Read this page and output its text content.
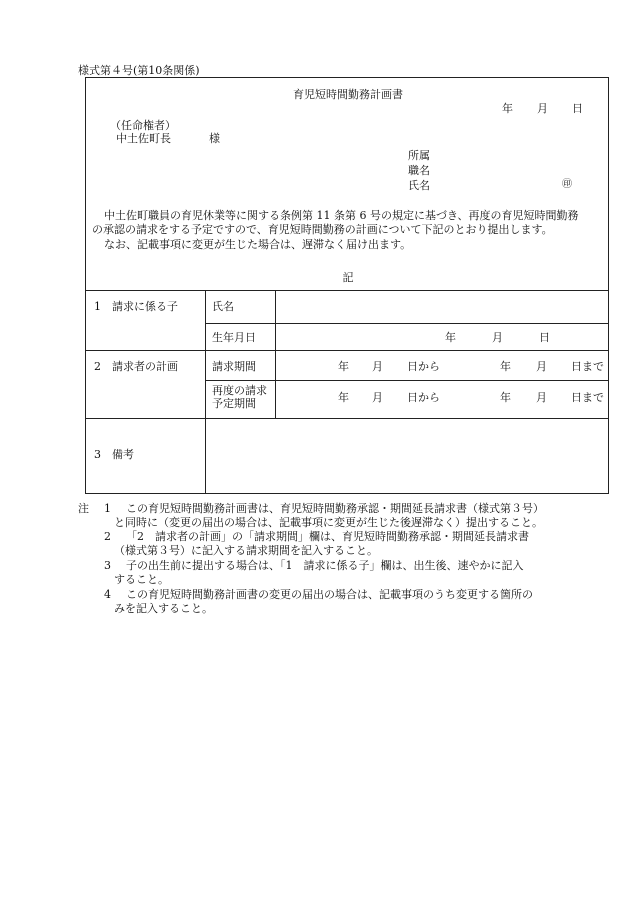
様式第４号(第10条関係)
育児短時間勤務計画書
年 月 日
（任命権者）
中土佐町長	様
所属
職名
氏名	㊞
中土佐町職員の育児休業等に関する条例第 11 条第 6 号の規定に基づき、再度の育児短時間勤務
の承認の請求をする予定ですので、育児短時間勤務の計画について下記のとおり提出します。
なお、記載事項に変更が生じた場合は、遅滞なく届け出ます。
記
1　請求に係る子	氏名
生年月日	年	月	日
2　請求者の計画	請求期間	年 月 日から	年 月 日まで
再度の請求
予定期間	年 月 日から	年 月 日まで
3　備考
注 1 この育児短時間勤務計画書は、育児短時間勤務承認・期間延長請求書（様式第３号）
と同時に（変更の届出の場合は、記載事項に変更が生じた後遅滞なく）提出すること。
2 「2　請求者の計画」の「請求期間」欄は、育児短時間勤務承認・期間延長請求書
（様式第３号）に記入する請求期間を記入すること。
3 子の出生前に提出する場合は、「1　請求に係る子」欄は、出生後、速やかに記入
すること。
4 この育児短時間勤務計画書の変更の届出の場合は、記載事項のうち変更する箇所の
みを記入すること。
